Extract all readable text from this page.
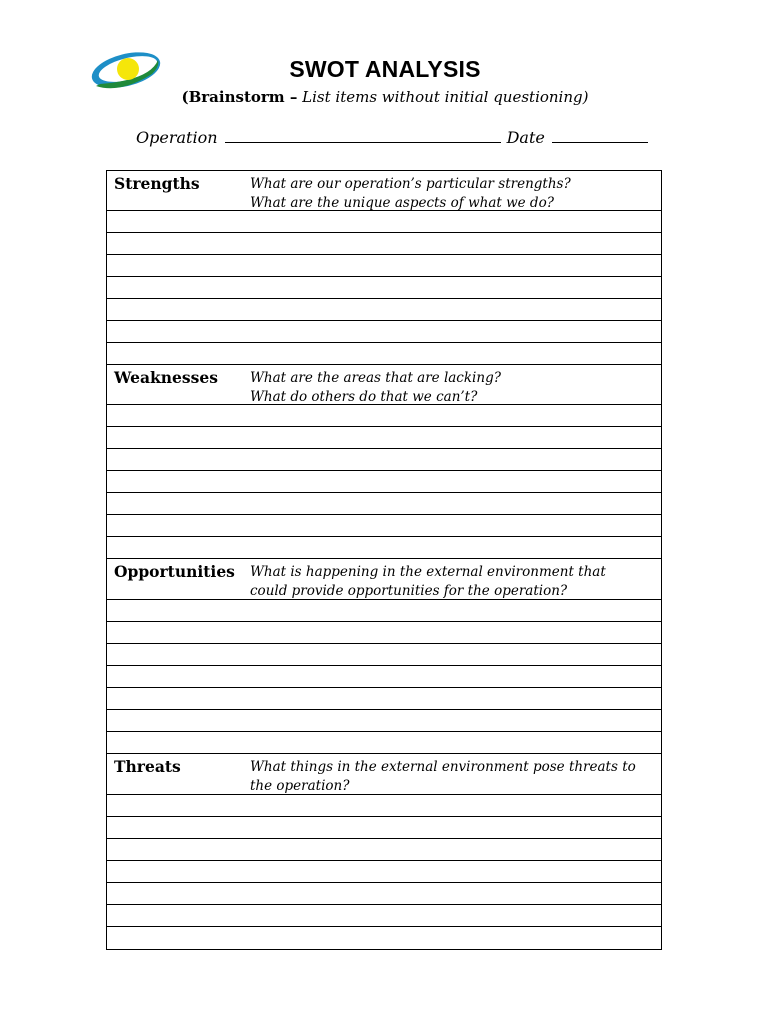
SWOT ANALYSIS
(Brainstorm – List items without initial questioning)
Operation	Date
Strengths	What are our operation’s particular strengths?
What are the unique aspects of what we do?
Weaknesses What are the areas that are lacking?
What do others do that we can’t?
Opportunities What is happening in the external environment that
could provide opportunities for the operation?
Threats	What things in the external environment pose threats to
the operation?
